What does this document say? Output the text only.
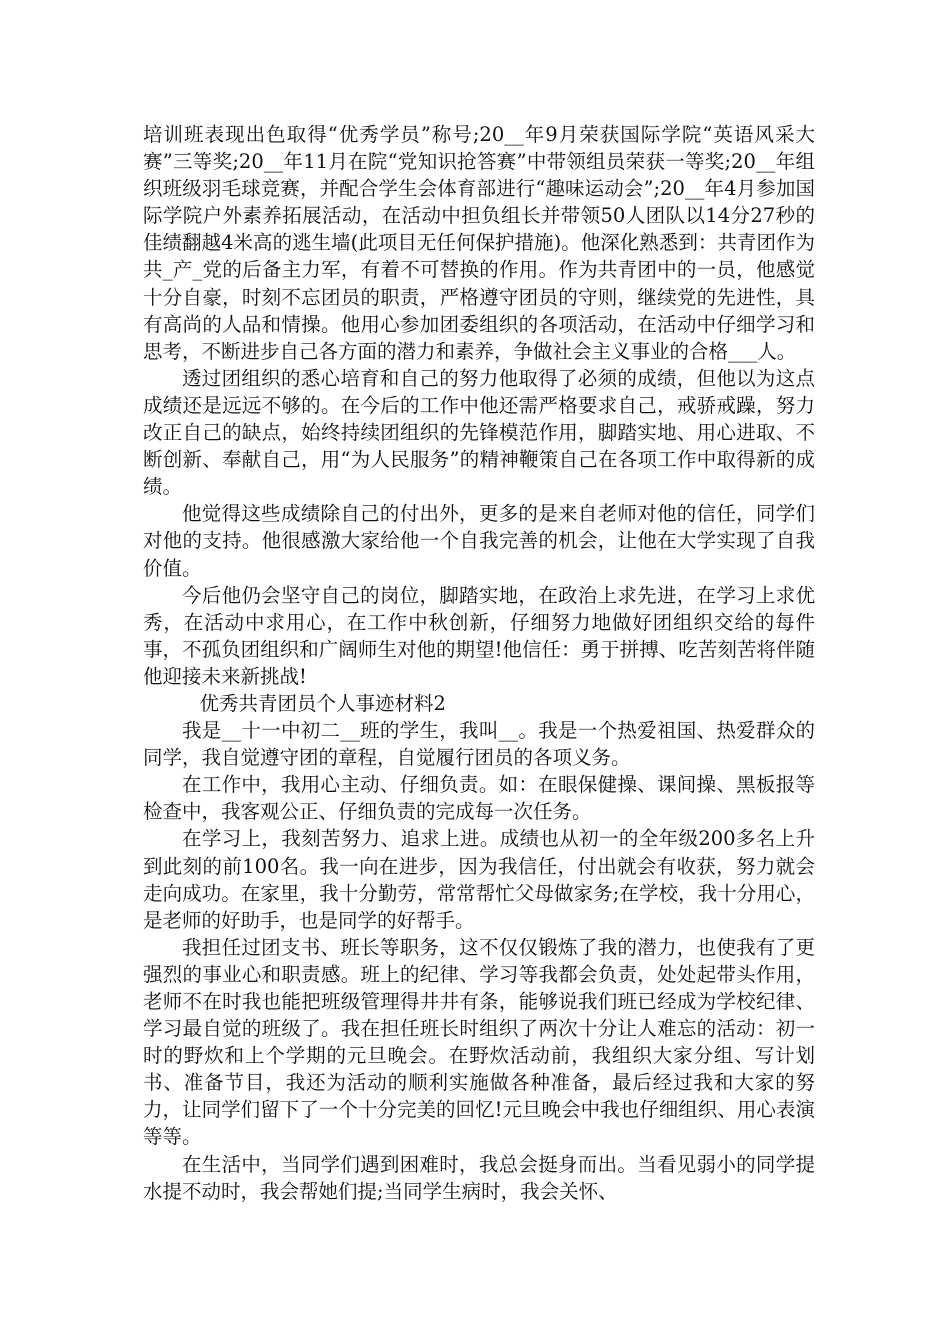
培训班表现出色取得“优秀学员”称号;20__年9月荣获国际学院“英语风采大赛”三等奖;20__年11月在院“党知识抢答赛”中带领组员荣获一等奖;20__年组织班级羽毛球竞赛，并配合学生会体育部进行“趣味运动会”;20__年4月参加国际学院户外素养拓展活动，在活动中担负组长并带领50人团队以14分27秒的佳绩翻越4米高的逃生墙(此项目无任何保护措施)。他深化熟悉到：共青团作为共_产_党的后备主力军，有着不可替换的作用。作为共青团中的一员，他感觉十分自豪，时刻不忘团员的职责，严格遵守团员的守则，继续党的先进性，具有高尚的人品和情操。他用心参加团委组织的各项活动，在活动中仔细学习和思考，不断进步自己各方面的潜力和素养，争做社会主义事业的合格___人。

透过团组织的悉心培育和自己的努力他取得了必须的成绩，但他以为这点成绩还是远远不够的。在今后的工作中他还需严格要求自己，戒骄戒躁，努力改正自己的缺点，始终持续团组织的先锋模范作用，脚踏实地、用心进取、不断创新、奉献自己，用“为人民服务”的精神鞭策自己在各项工作中取得新的成绩。

他觉得这些成绩除自己的付出外，更多的是来自老师对他的信任，同学们对他的支持。他很感激大家给他一个自我完善的机会，让他在大学实现了自我价值。

今后他仍会坚守自己的岗位，脚踏实地，在政治上求先进，在学习上求优秀，在活动中求用心，在工作中秋创新，仔细努力地做好团组织交给的每件事，不孤负团组织和广阔师生对他的期望!他信任：勇于拼搏、吃苦刻苦将伴随他迎接未来新挑战!

优秀共青团员个人事迹材料2

我是__十一中初二__班的学生，我叫__。我是一个热爱祖国、热爱群众的同学，我自觉遵守团的章程，自觉履行团员的各项义务。

在工作中，我用心主动、仔细负责。如：在眼保健操、课间操、黑板报等检查中，我客观公正、仔细负责的完成每一次任务。

在学习上，我刻苦努力、追求上进。成绩也从初一的全年级200多名上升到此刻的前100名。我一向在进步，因为我信任，付出就会有收获，努力就会走向成功。在家里，我十分勤劳，常常帮忙父母做家务;在学校，我十分用心，是老师的好助手，也是同学的好帮手。

我担任过团支书、班长等职务，这不仅仅锻炼了我的潜力，也使我有了更强烈的事业心和职责感。班上的纪律、学习等我都会负责，处处起带头作用，老师不在时我也能把班级管理得井井有条，能够说我们班已经成为学校纪律、学习最自觉的班级了。我在担任班长时组织了两次十分让人难忘的活动：初一时的野炊和上个学期的元旦晚会。在野炊活动前，我组织大家分组、写计划书、准备节目，我还为活动的顺利实施做各种准备，最后经过我和大家的努力，让同学们留下了一个十分完美的回忆!元旦晚会中我也仔细组织、用心表演等等。

在生活中，当同学们遇到困难时，我总会挺身而出。当看见弱小的同学提水提不动时，我会帮她们提;当同学生病时，我会关怀、
